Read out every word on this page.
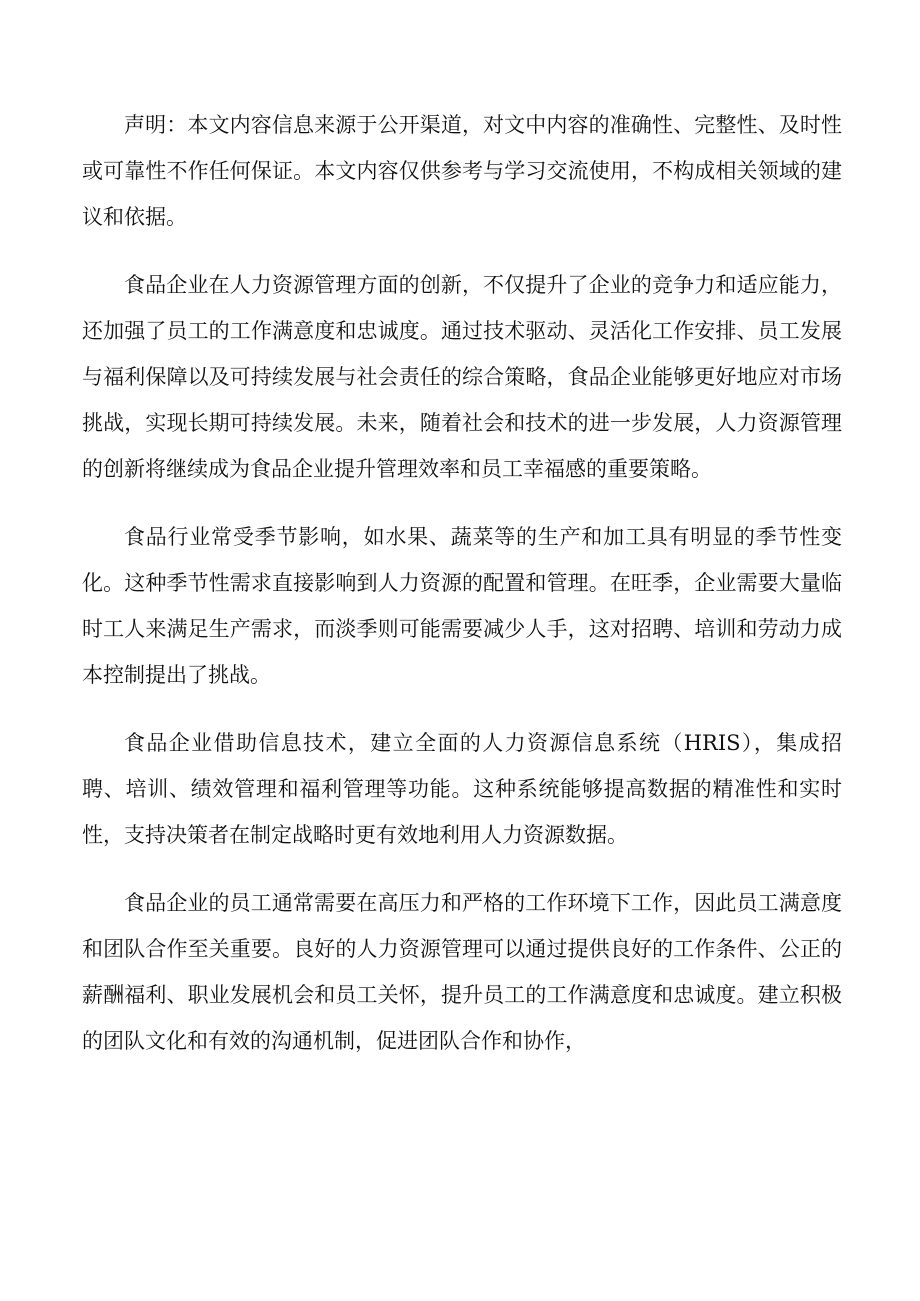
声明：本文内容信息来源于公开渠道，对文中内容的准确性、完整性、及时性或可靠性不作任何保证。本文内容仅供参考与学习交流使用，不构成相关领域的建议和依据。

食品企业在人力资源管理方面的创新，不仅提升了企业的竞争力和适应能力，还加强了员工的工作满意度和忠诚度。通过技术驱动、灵活化工作安排、员工发展与福利保障以及可持续发展与社会责任的综合策略，食品企业能够更好地应对市场挑战，实现长期可持续发展。未来，随着社会和技术的进一步发展，人力资源管理的创新将继续成为食品企业提升管理效率和员工幸福感的重要策略。

食品行业常受季节影响，如水果、蔬菜等的生产和加工具有明显的季节性变化。这种季节性需求直接影响到人力资源的配置和管理。在旺季，企业需要大量临时工人来满足生产需求，而淡季则可能需要减少人手，这对招聘、培训和劳动力成本控制提出了挑战。

食品企业借助信息技术，建立全面的人力资源信息系统（HRIS），集成招聘、培训、绩效管理和福利管理等功能。这种系统能够提高数据的精准性和实时性，支持决策者在制定战略时更有效地利用人力资源数据。

食品企业的员工通常需要在高压力和严格的工作环境下工作，因此员工满意度和团队合作至关重要。良好的人力资源管理可以通过提供良好的工作条件、公正的薪酬福利、职业发展机会和员工关怀，提升员工的工作满意度和忠诚度。建立积极的团队文化和有效的沟通机制，促进团队合作和协作，
